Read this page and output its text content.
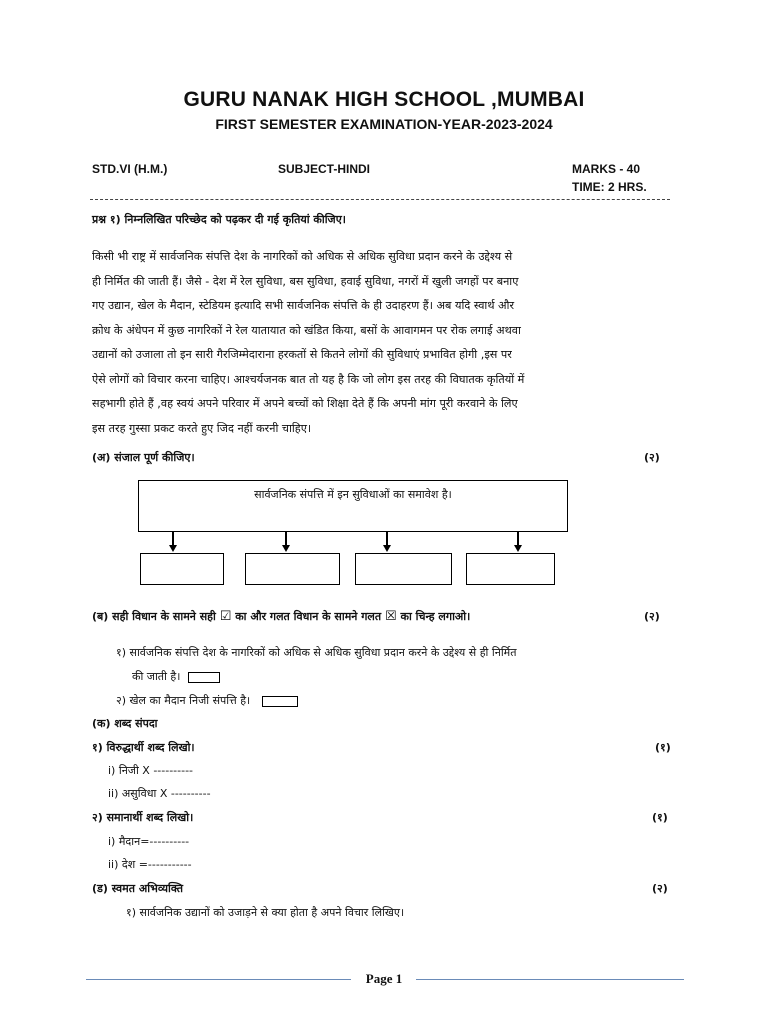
GURU NANAK HIGH SCHOOL ,MUMBAI
FIRST SEMESTER EXAMINATION-YEAR-2023-2024
STD.VI (H.M.)	SUBJECT-HINDI	MARKS - 40
TIME: 2 HRS.
प्रश्न १) निम्नलिखित परिच्छेद को पढ़कर दी गई कृतियां कीजिए।
किसी भी राष्ट्र में सार्वजनिक संपत्ति देश के नागरिकों को अधिक से अधिक सुविधा प्रदान करने के उद्देश्य से
ही निर्मित की जाती हैं। जैसे - देश में रेल सुविधा, बस सुविधा, हवाई सुविधा, नगरों में खुली जगहों पर बनाए
गए उद्यान, खेल के मैदान, स्टेडियम इत्यादि सभी सार्वजनिक संपत्ति के ही उदाहरण हैं। अब यदि स्वार्थ और
क्रोध के अंधेपन में कुछ नागरिकों ने रेल यातायात को खंडित किया, बसों के आवागमन पर रोक लगाई अथवा
उद्यानों को उजाला तो इन सारी गैरजिम्मेदाराना हरकतों से कितने लोगों की सुविधाएं प्रभावित होगी ,इस पर
ऐसे लोगों को विचार करना चाहिए। आश्चर्यजनक बात तो यह है कि जो लोग इस तरह की विघातक कृतियों में
सहभागी होते हैं ,वह स्वयं अपने परिवार में अपने बच्चों को शिक्षा देते हैं कि अपनी मांग पूरी करवाने के लिए
इस तरह गुस्सा प्रकट करते हुए जिद नहीं करनी चाहिए।
(अ) संजाल पूर्ण कीजिए।	(२)
सार्वजनिक संपत्ति में इन सुविधाओं का समावेश है।
(ब) सही विधान के सामने सही ☑ का और गलत विधान के सामने गलत ☒ का चिन्ह लगाओ।	(२)
१) सार्वजनिक संपत्ति देश के नागरिकों को अधिक से अधिक सुविधा प्रदान करने के उद्देश्य से ही निर्मित
की जाती है।
२) खेल का मैदान निजी संपत्ति है।
(क) शब्द संपदा
१) विरुद्धार्थी शब्द लिखो।	(१)
i) निजी X ----------
ii) असुविधा X ----------
२) समानार्थी शब्द लिखो।	(१)
i) मैदान=----------
ii) देश =-----------
(ड) स्वमत अभिव्यक्ति	(२)
१) सार्वजनिक उद्यानों को उजाड़ने से क्या होता है अपने विचार लिखिए।
Page 1
